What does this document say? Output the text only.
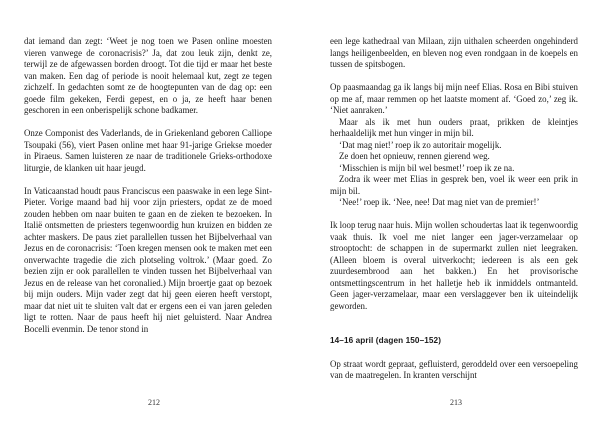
dat iemand dan zegt: ‘Weet je nog toen we Pasen online moesten vieren vanwege de coronacrisis?’ Ja, dat zou leuk zijn, denkt ze, terwijl ze de afgewassen borden droogt. Tot die tijd er maar het beste van maken. Een dag of periode is nooit helemaal kut, zegt ze tegen zichzelf. In gedachten somt ze de hoogtepunten van de dag op: een goede film gekeken, Ferdi gepest, en o ja, ze heeft haar benen geschoren in een onberispelijk schone badkamer.

Onze Componist des Vaderlands, de in Griekenland geboren Calliope Tsoupaki (56), viert Pasen online met haar 91-jarige Griekse moeder in Piraeus. Samen luisteren ze naar de traditionele Grieks-orthodoxe liturgie, de klanken uit haar jeugd.

In Vaticaanstad houdt paus Franciscus een paaswake in een lege Sint-Pieter. Vorige maand bad hij voor zijn priesters, opdat ze de moed zouden hebben om naar buiten te gaan en de zieken te bezoeken. In Italië ontsmetten de priesters tegenwoordig hun kruizen en bidden ze achter maskers. De paus ziet parallellen tussen het Bijbelverhaal van Jezus en de coronacrisis: ‘Toen kregen mensen ook te maken met een onverwachte tragedie die zich plotseling voltrok.’ (Maar goed. Zo bezien zijn er ook parallellen te vinden tussen het Bijbelverhaal van Jezus en de release van het coronalied.) Mijn broertje gaat op bezoek bij mijn ouders. Mijn vader zegt dat hij geen eieren heeft verstopt, maar dat niet uit te sluiten valt dat er ergens een ei van jaren geleden ligt te rotten. Naar de paus heeft hij niet geluisterd. Naar Andrea Bocelli evenmin. De tenor stond in

212

een lege kathedraal van Milaan, zijn uithalen scheerden ongehinderd langs heiligenbeelden, en bleven nog even rondgaan in de koepels en tussen de spitsbogen.

Op paasmaandag ga ik langs bij mijn neef Elias. Rosa en Bibi stuiven op me af, maar remmen op het laatste moment af. ‘Goed zo,’ zeg ik. ‘Niet aanraken.’

Maar als ik met hun ouders praat, prikken de kleintjes herhaaldelijk met hun vinger in mijn bil.

‘Dat mag niet!’ roep ik zo autoritair mogelijk.

Ze doen het opnieuw, rennen gierend weg.

‘Misschien is mijn bil wel besmet!’ roep ik ze na.

Zodra ik weer met Elias in gesprek ben, voel ik weer een prik in mijn bil.

‘Nee!’ roep ik. ‘Nee, nee! Dat mag niet van de premier!’

Ik loop terug naar huis. Mijn wollen schoudertas laat ik tegenwoordig vaak thuis. Ik voel me niet langer een jager-verzamelaar op strooptocht: de schappen in de supermarkt zullen niet leegraken. (Alleen bloem is overal uitverkocht; iedereen is als een gek zuurdesembrood aan het bakken.) En het provisorische ontsmettingscentrum in het halletje heb ik inmiddels ontmanteld. Geen jager-verzamelaar, maar een verslaggever ben ik uiteindelijk geworden.

14–16 april (dagen 150–152)

Op straat wordt gepraat, gefluisterd, geroddeld over een versoepeling van de maatregelen. In kranten verschijnt

213
